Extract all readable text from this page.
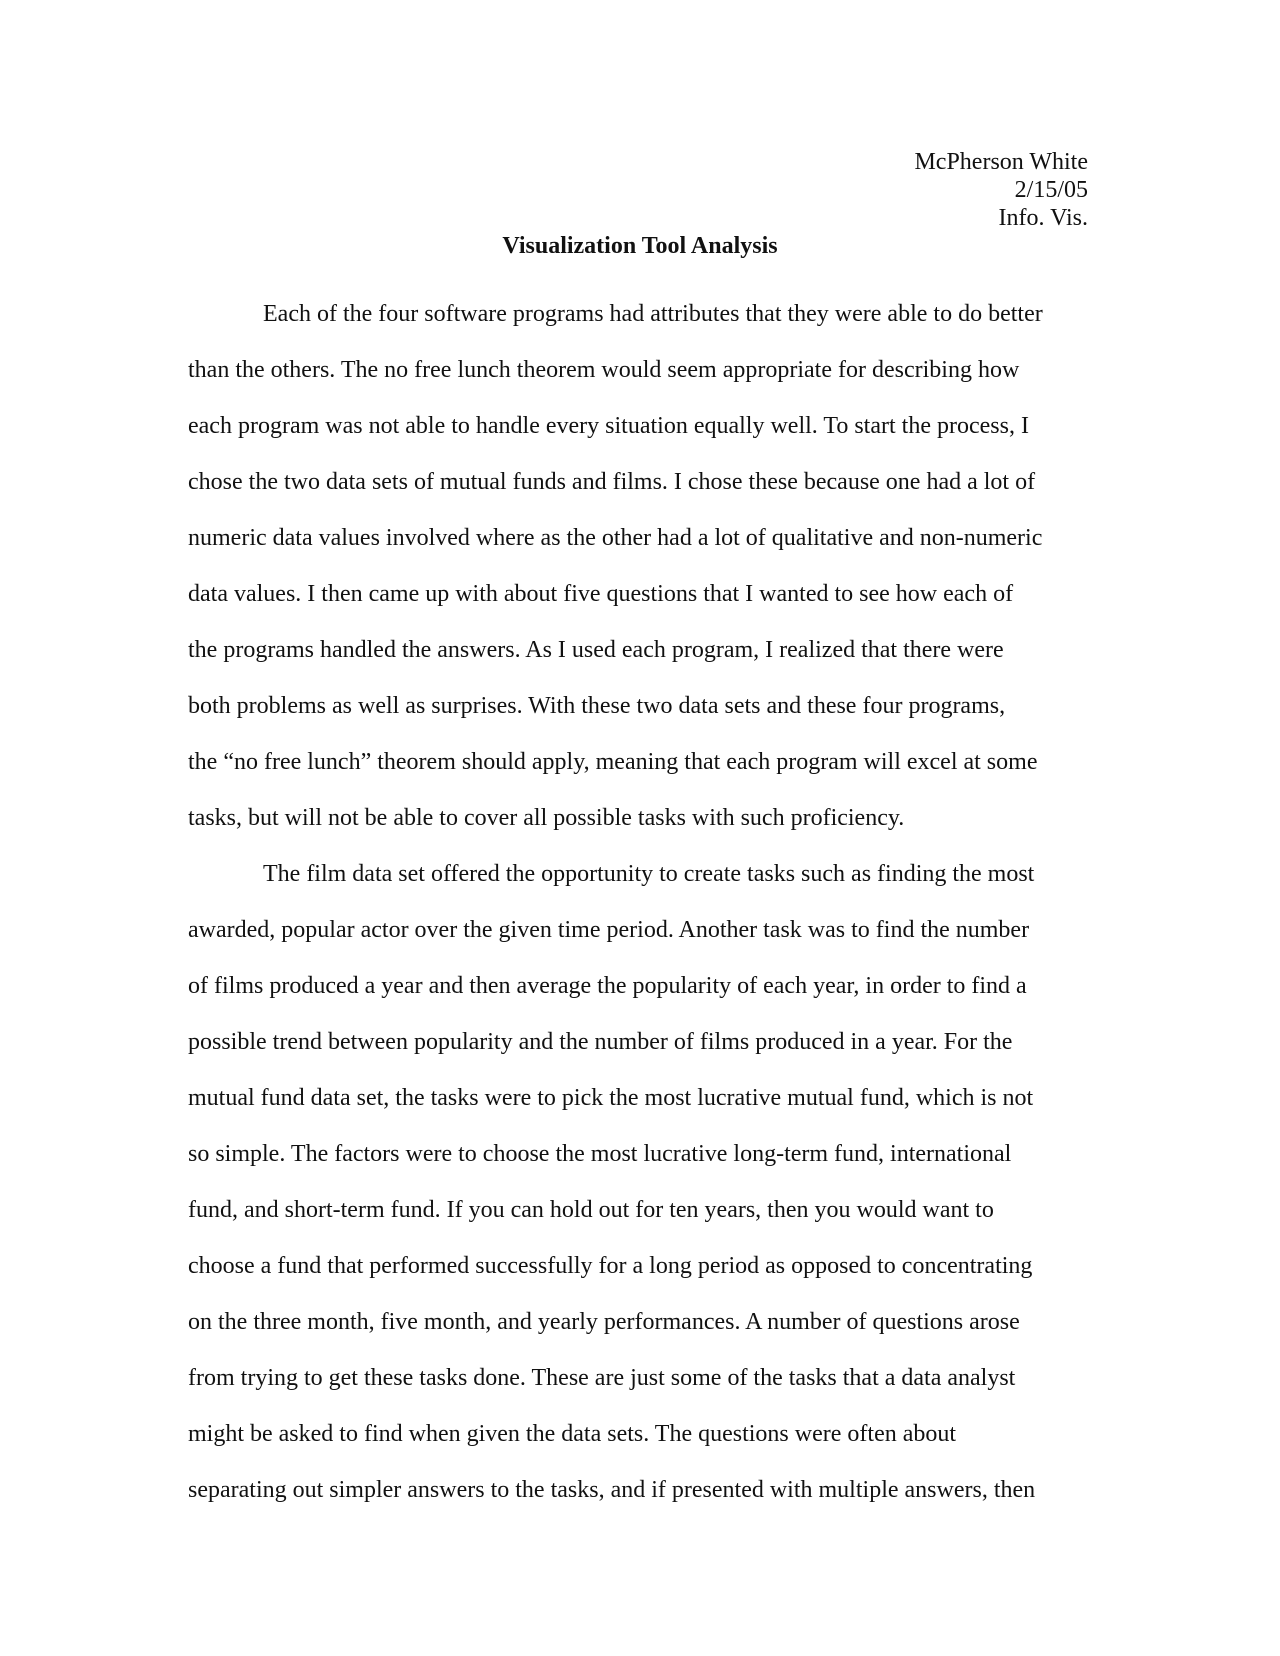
McPherson White
2/15/05
Info. Vis.
Visualization Tool Analysis
Each of the four software programs had attributes that they were able to do better
than the others. The no free lunch theorem would seem appropriate for describing how
each program was not able to handle every situation equally well. To start the process, I
chose the two data sets of mutual funds and films. I chose these because one had a lot of
numeric data values involved where as the other had a lot of qualitative and non-numeric
data values. I then came up with about five questions that I wanted to see how each of
the programs handled the answers. As I used each program, I realized that there were
both problems as well as surprises. With these two data sets and these four programs,
the “no free lunch” theorem should apply, meaning that each program will excel at some
tasks, but will not be able to cover all possible tasks with such proficiency.
The film data set offered the opportunity to create tasks such as finding the most
awarded, popular actor over the given time period. Another task was to find the number
of films produced a year and then average the popularity of each year, in order to find a
possible trend between popularity and the number of films produced in a year. For the
mutual fund data set, the tasks were to pick the most lucrative mutual fund, which is not
so simple. The factors were to choose the most lucrative long-term fund, international
fund, and short-term fund. If you can hold out for ten years, then you would want to
choose a fund that performed successfully for a long period as opposed to concentrating
on the three month, five month, and yearly performances. A number of questions arose
from trying to get these tasks done. These are just some of the tasks that a data analyst
might be asked to find when given the data sets. The questions were often about
separating out simpler answers to the tasks, and if presented with multiple answers, then
